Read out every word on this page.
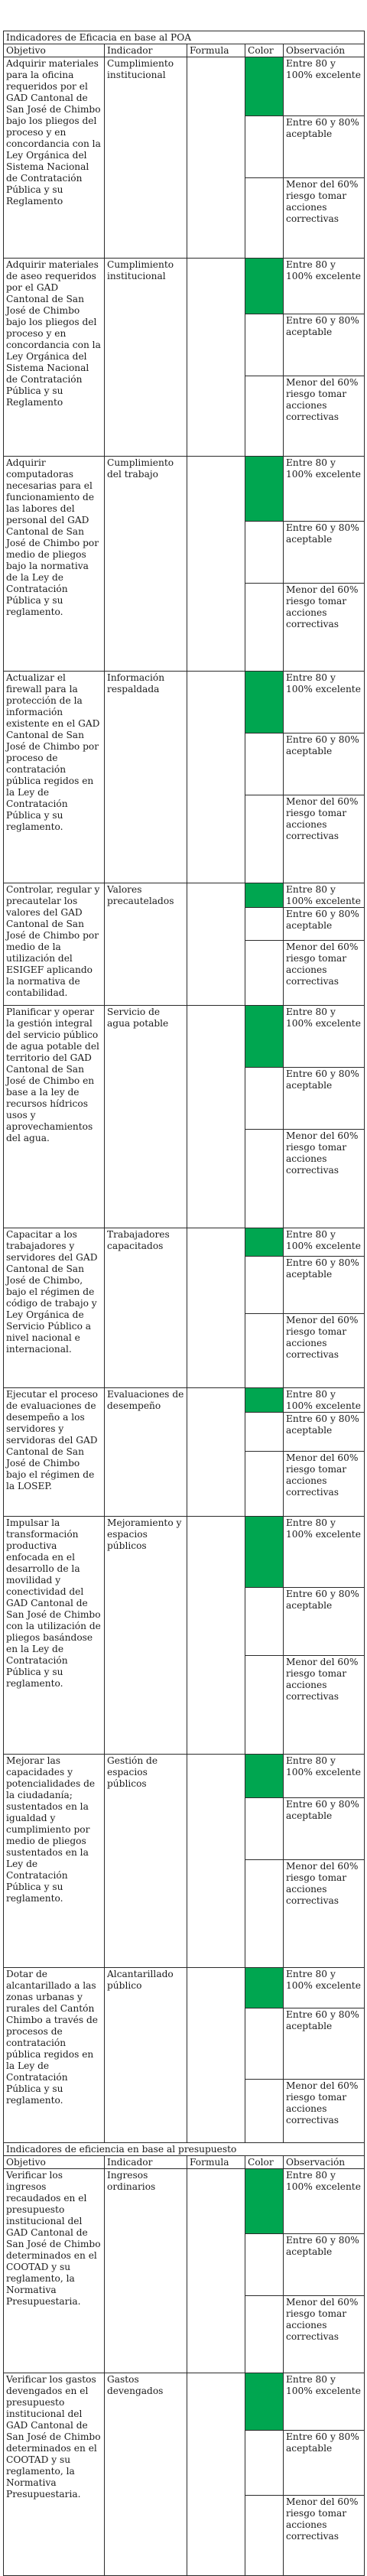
Indicadores de Eficacia en base al POA				
Objetivo	Indicador	Formula	Color	Observación
Adquirir materiales para la oficina requeridos por el GAD Cantonal de San José de Chimbo bajo los pliegos del proceso y en concordancia con la Ley Orgánica del Sistema Nacional de Contratación Pública y su Reglamento	Cumplimiento institucional			Entre 80 y 100% excelente
				Entre 60 y 80% aceptable
				Menor del 60% riesgo tomar acciones correctivas
Adquirir materiales de aseo requeridos por el GAD Cantonal de San José de Chimbo bajo los pliegos del proceso y en concordancia con la Ley Orgánica del Sistema Nacional de Contratación Pública y su Reglamento	Cumplimiento institucional			Entre 80 y 100% excelente
				Entre 60 y 80% aceptable
				Menor del 60% riesgo tomar acciones correctivas
Adquirir computadoras necesarias para el funcionamiento de las labores del personal del GAD Cantonal de San José de Chimbo por medio de pliegos bajo la normativa de la Ley de Contratación Pública y su reglamento.	Cumplimiento del trabajo			Entre 80 y 100% excelente
				Entre 60 y 80% aceptable
				Menor del 60% riesgo tomar acciones correctivas
Actualizar el firewall para la protección de la información existente en el GAD Cantonal de San José de Chimbo por proceso de contratación pública regidos en la Ley de Contratación Pública y su reglamento.	Información respaldada			Entre 80 y 100% excelente
				Entre 60 y 80% aceptable
				Menor del 60% riesgo tomar acciones correctivas
Controlar, regular y precautelar los valores del GAD Cantonal de San José de Chimbo por medio de la utilización del ESIGEF aplicando la normativa de contabilidad.	Valores precautelados			Entre 80 y 100% excelente
				Entre 60 y 80% aceptable
				Menor del 60% riesgo tomar acciones correctivas
Planificar y operar la gestión integral del servicio público de agua potable del territorio del GAD Cantonal de San José de Chimbo en base a la ley de recursos hídricos usos y aprovechamientos del agua.	Servicio de agua potable			Entre 80 y 100% excelente
				Entre 60 y 80% aceptable
				Menor del 60% riesgo tomar acciones correctivas
Capacitar a los trabajadores y servidores del GAD Cantonal de San José de Chimbo, bajo el régimen de código de trabajo y Ley Orgánica de Servicio Público a nivel nacional e internacional.	Trabajadores capacitados			Entre 80 y 100% excelente
				Entre 60 y 80% aceptable
				Menor del 60% riesgo tomar acciones correctivas
Ejecutar el proceso de evaluaciones de desempeño a los servidores y servidoras del GAD Cantonal de San José de Chimbo bajo el régimen de la LOSEP.	Evaluaciones de desempeño			Entre 80 y 100% excelente
				Entre 60 y 80% aceptable
				Menor del 60% riesgo tomar acciones correctivas
Impulsar la transformación productiva enfocada en el desarrollo de la movilidad y conectividad del GAD Cantonal de San José de Chimbo con la utilización de pliegos basándose en la Ley de Contratación Pública y su reglamento.	Mejoramiento y espacios públicos			Entre 80 y 100% excelente
				Entre 60 y 80% aceptable
				Menor del 60% riesgo tomar acciones correctivas
Mejorar las capacidades y potencialidades de la ciudadanía; sustentados en la igualdad y cumplimiento por medio de pliegos sustentados en la Ley de Contratación Pública y su reglamento.	Gestión de espacios públicos			Entre 80 y 100% excelente
				Entre 60 y 80% aceptable
				Menor del 60% riesgo tomar acciones correctivas
Dotar de alcantarillado a las zonas urbanas y rurales del Cantón Chimbo a través de procesos de contratación pública regidos en la Ley de Contratación Pública y su reglamento.	Alcantarillado público			Entre 80 y 100% excelente
				Entre 60 y 80% aceptable
				Menor del 60% riesgo tomar acciones correctivas
Indicadores de eficiencia en base al presupuesto				
Objetivo	Indicador	Formula	Color	Observación
Verificar los ingresos recaudados en el presupuesto institucional del GAD Cantonal de San José de Chimbo determinados en el COOTAD y su reglamento, la Normativa Presupuestaria.	Ingresos ordinarios			Entre 80 y 100% excelente
				Entre 60 y 80% aceptable
				Menor del 60% riesgo tomar acciones correctivas
Verificar los gastos devengados en el presupuesto institucional del GAD Cantonal de San José de Chimbo determinados en el COOTAD y su reglamento, la Normativa Presupuestaria.	Gastos devengados			Entre 80 y 100% excelente
				Entre 60 y 80% aceptable
				Menor del 60% riesgo tomar acciones correctivas
